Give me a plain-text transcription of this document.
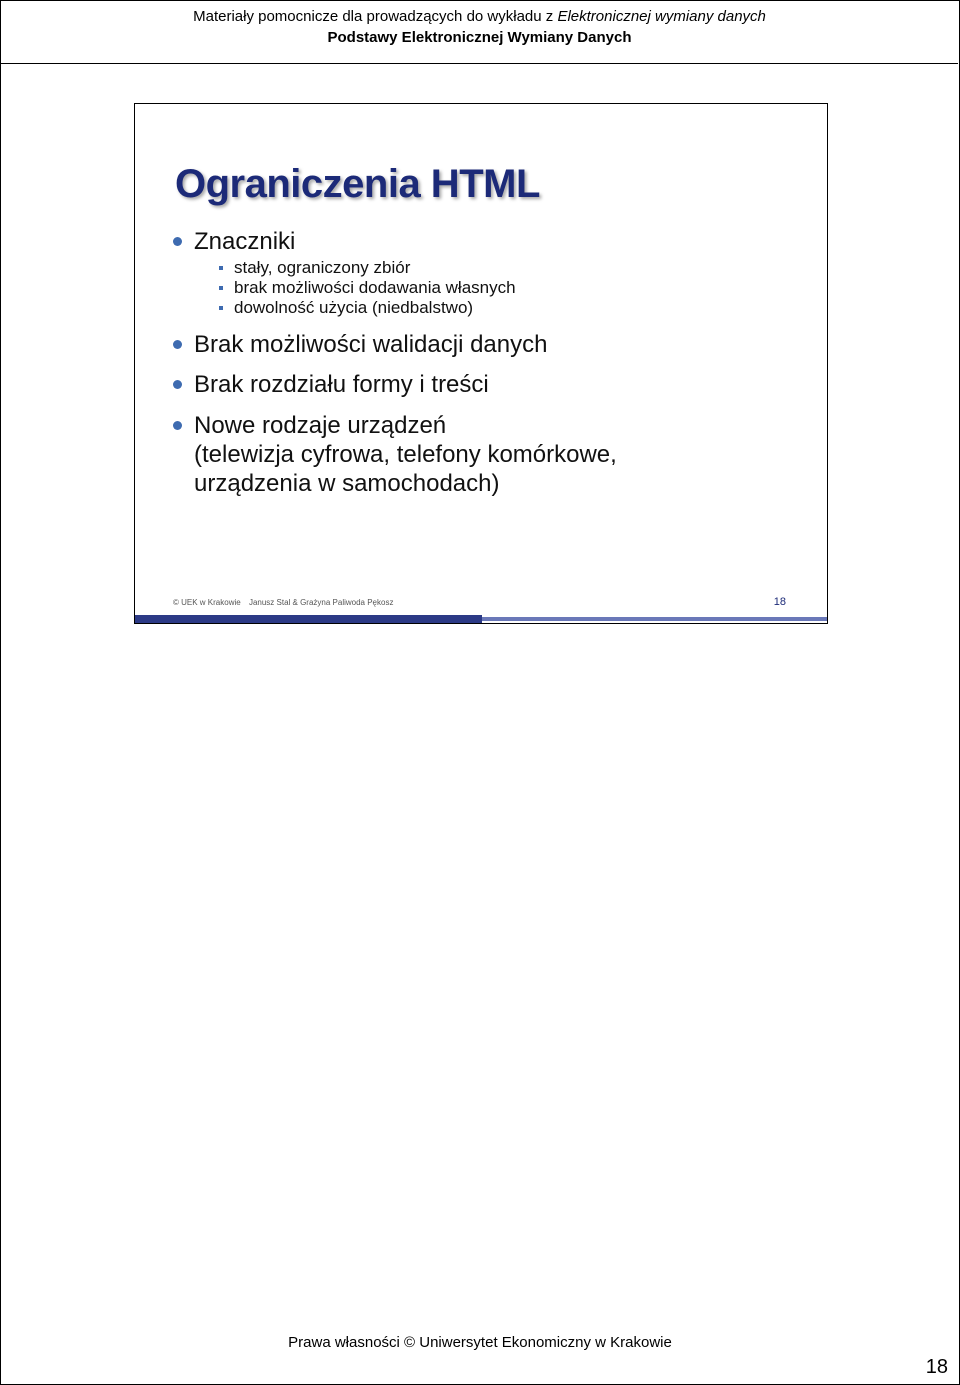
Materiały pomocnicze dla prowadzących do wykładu z Elektronicznej wymiany danych
Podstawy Elektronicznej Wymiany Danych
Ograniczenia HTML
Znaczniki
stały, ograniczony zbiór
brak możliwości dodawania własnych
dowolność użycia (niedbalstwo)
Brak możliwości walidacji danych
Brak rozdziału formy i treści
Nowe rodzaje urządzeń
(telewizja cyfrowa, telefony komórkowe,
urządzenia w samochodach)
© UEK w Krakowie Janusz Stal & Grażyna Paliwoda Pękosz	18
Prawa własności © Uniwersytet Ekonomiczny w Krakowie
18
